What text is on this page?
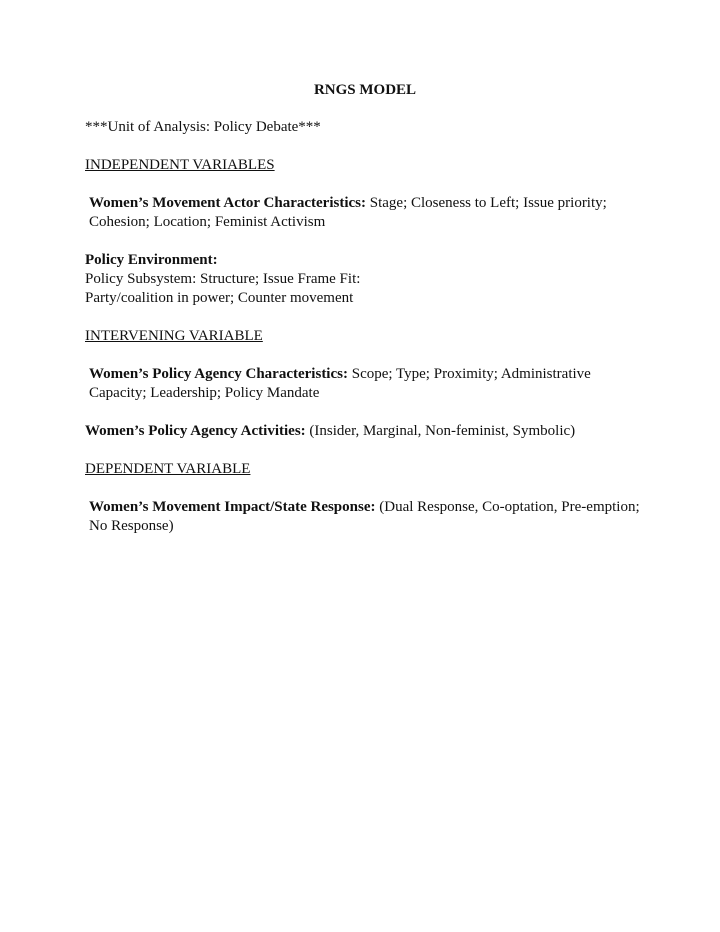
RNGS MODEL
***Unit of Analysis: Policy Debate***
INDEPENDENT VARIABLES
Women’s Movement Actor Characteristics: Stage; Closeness to Left; Issue priority; Cohesion; Location; Feminist Activism
Policy Environment:
Policy Subsystem: Structure; Issue Frame Fit:
Party/coalition in power; Counter movement
INTERVENING VARIABLE
Women’s Policy Agency Characteristics: Scope; Type; Proximity; Administrative Capacity; Leadership; Policy Mandate
Women’s Policy Agency Activities: (Insider, Marginal, Non-feminist, Symbolic)
DEPENDENT VARIABLE
Women’s Movement Impact/State Response: (Dual Response, Co-optation, Pre-emption; No Response)
